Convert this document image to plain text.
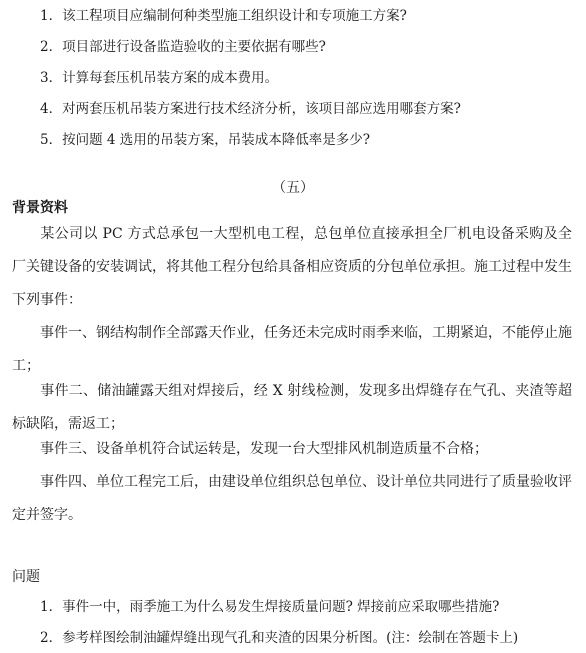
1．该工程项目应编制何种类型施工组织设计和专项施工方案?
2．项目部进行设备监造验收的主要依据有哪些?
3．计算每套压机吊装方案的成本费用。
4．对两套压机吊装方案进行技术经济分析，该项目部应选用哪套方案?
5．按问题 4 选用的吊装方案，吊装成本降低率是多少?
（五）
背景资料
某公司以 PC 方式总承包一大型机电工程，总包单位直接承担全厂机电设备采购及全厂关键设备的安装调试，将其他工程分包给具备相应资质的分包单位承担。施工过程中发生下列事件：
事件一、钢结构制作全部露天作业，任务还未完成时雨季来临，工期紧迫，不能停止施工；
事件二、储油罐露天组对焊接后，经 X 射线检测，发现多出焊缝存在气孔、夹渣等超标缺陷，需返工；
事件三、设备单机符合试运转是，发现一台大型排风机制造质量不合格；
事件四、单位工程完工后，由建设单位组织总包单位、设计单位共同进行了质量验收评定并签字。
问题
1．事件一中，雨季施工为什么易发生焊接质量问题? 焊接前应采取哪些措施?
2．参考样图绘制油罐焊缝出现气孔和夹渣的因果分析图。(注：绘制在答题卡上)
